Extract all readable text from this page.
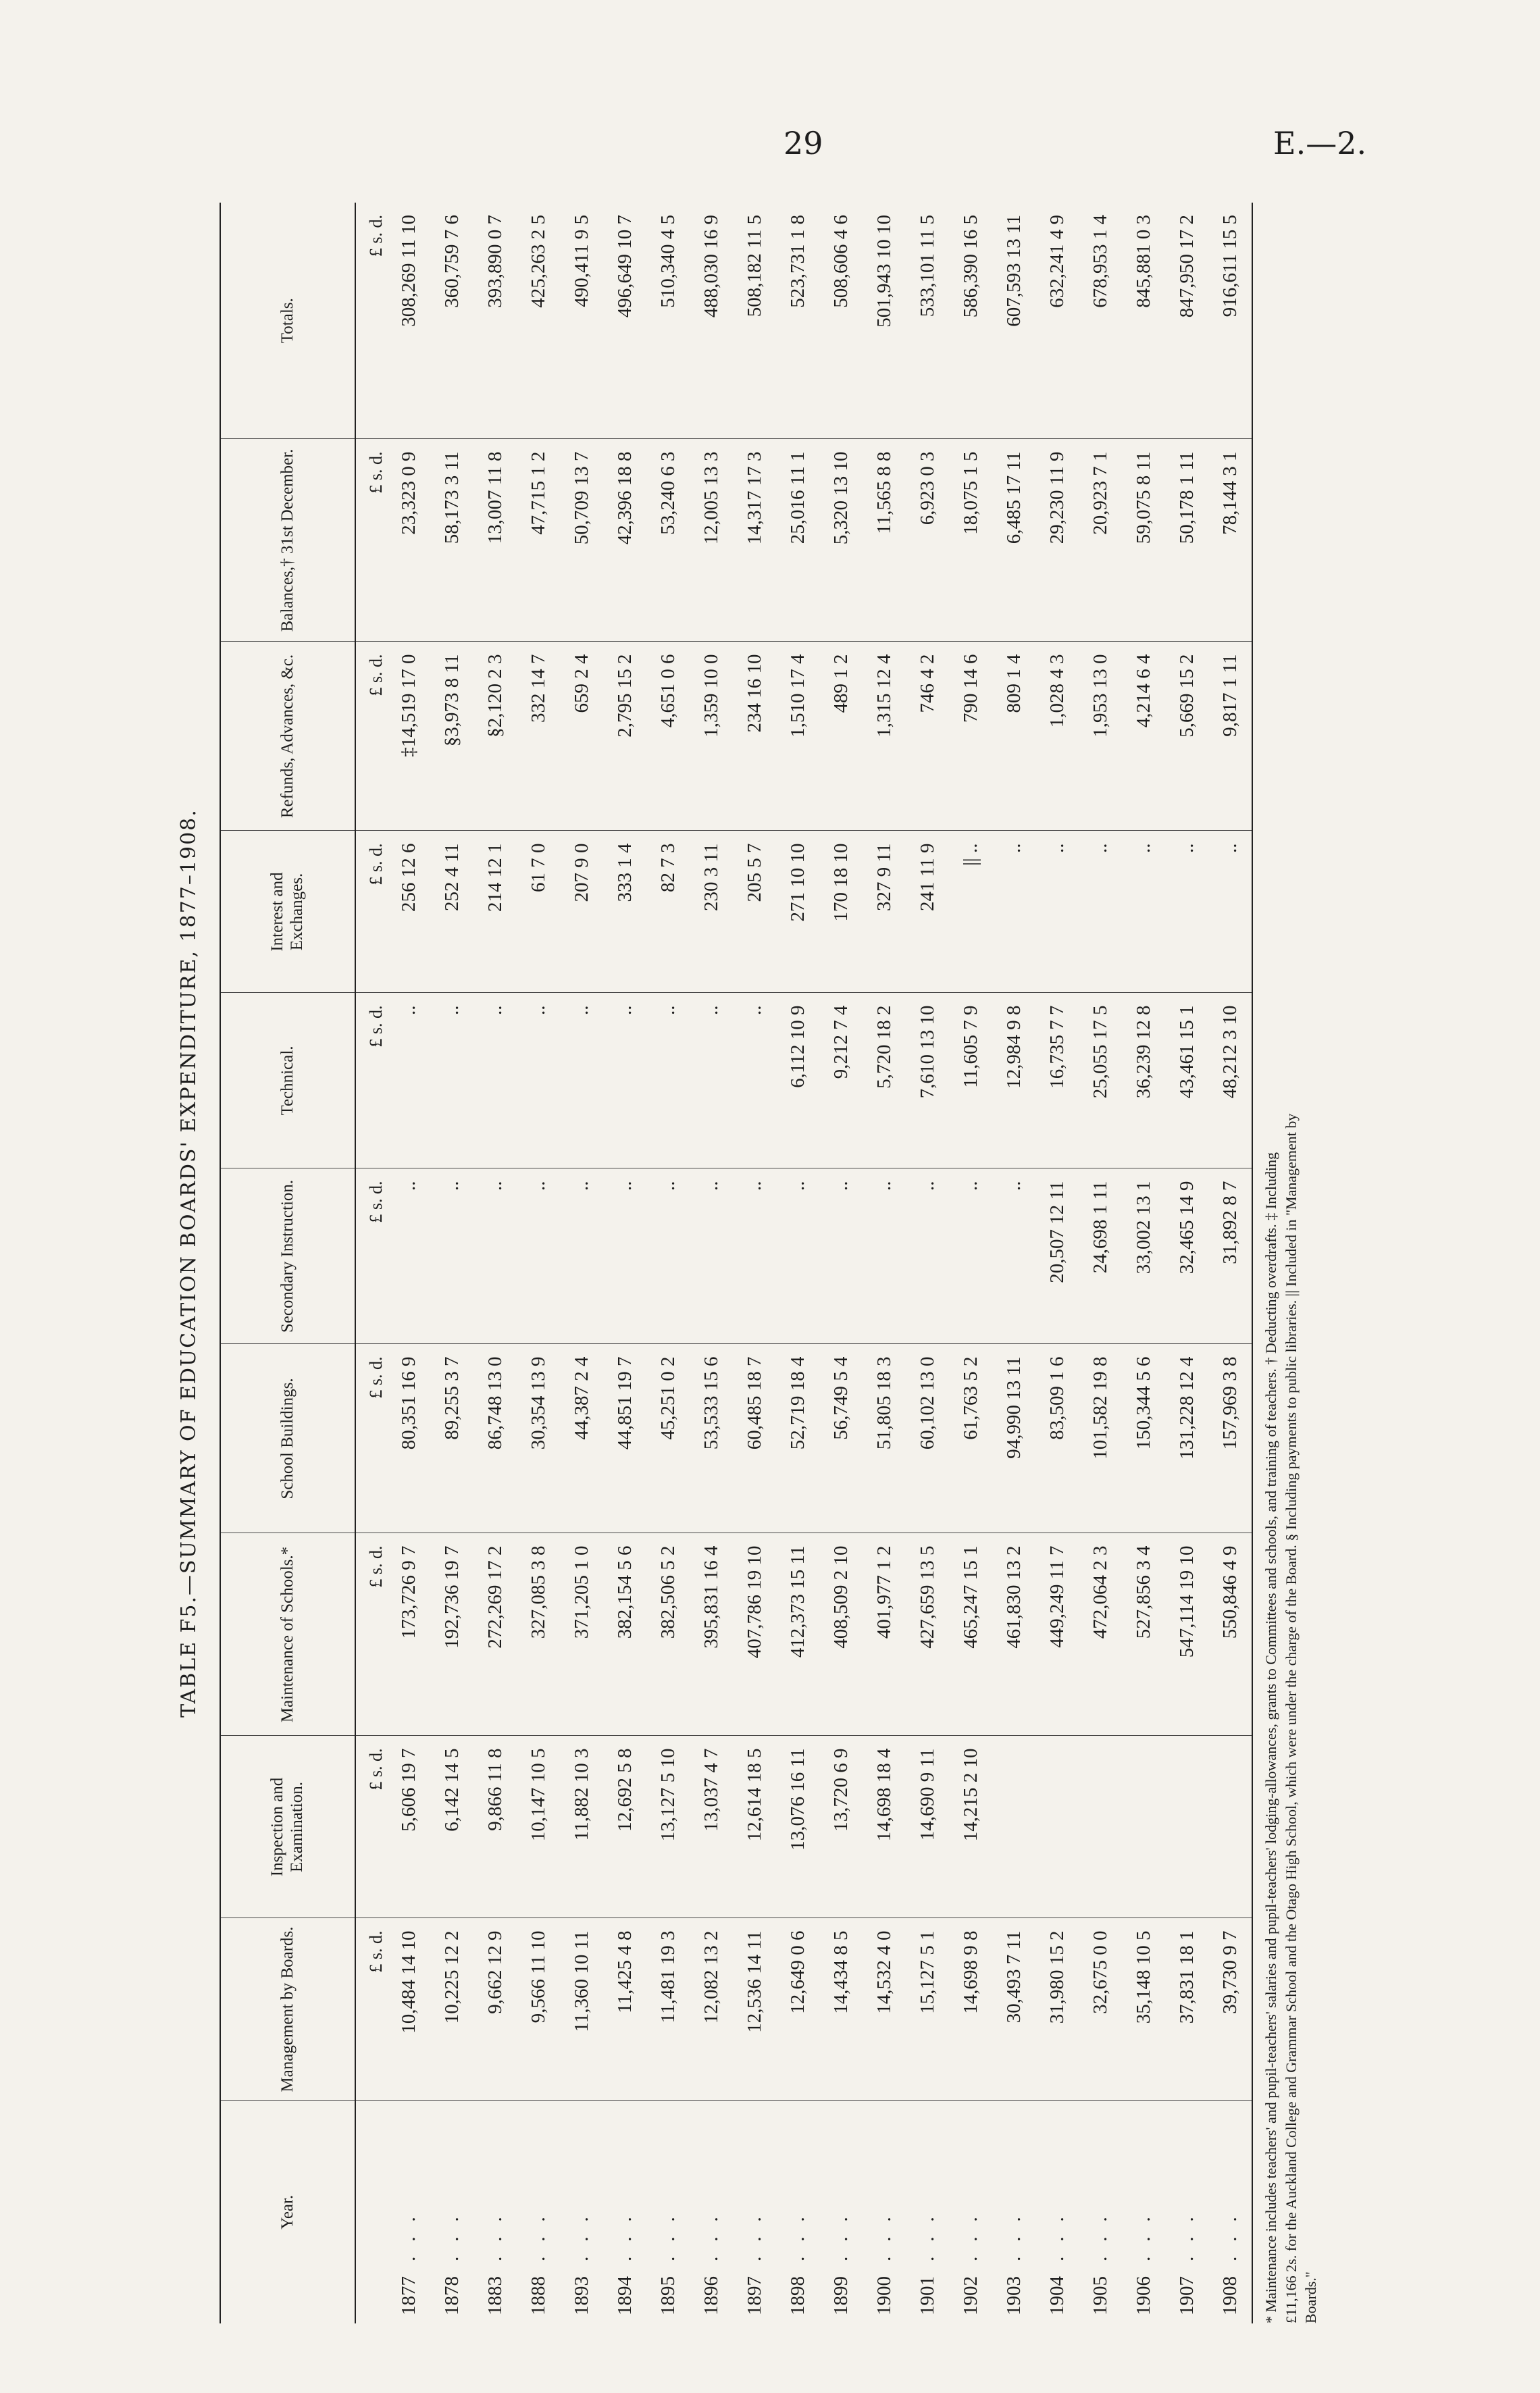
29	E.—2.
TABLE F5.—SUMMARY OF EDUCATION BOARDS' EXPENDITURE, 1877–1908.
Year.	Management by Boards.	Inspection and Examination.	Maintenance of Schools.*	School Buildings.	Secondary Instruction.	Technical.	Interest and Exchanges.	Refunds, Advances, &c.	Balances,† 31st December.	Totals.
	£ s. d.	£ s. d.	£ s. d.	£ s. d.	£ s. d.	£ s. d.	£ s. d.	£ s. d.	£ s. d.	£ s. d.
1877...	10,484 14 10	5,606 19 7	173,726 9 7	80,351 16 9	..	..	256 12 6	‡14,519 17 0	23,323 0 9	308,269 11 10
1878...	10,225 12 2	6,142 14 5	192,736 19 7	89,255 3 7	..	..	252 4 11	§3,973 8 11	58,173 3 11	360,759 7 6
1883...	9,662 12 9	9,866 11 8	272,269 17 2	86,748 13 0	..	..	214 12 1	§2,120 2 3	13,007 11 8	393,890 0 7
1888...	9,566 11 10	10,147 10 5	327,085 3 8	30,354 13 9	..	..	61 7 0	332 14 7	47,715 1 2	425,263 2 5
1893...	11,360 10 11	11,882 10 3	371,205 1 0	44,387 2 4	..	..	207 9 0	659 2 4	50,709 13 7	490,411 9 5
1894...	11,425 4 8	12,692 5 8	382,154 5 6	44,851 19 7	..	..	333 1 4	2,795 15 2	42,396 18 8	496,649 10 7
1895...	11,481 19 3	13,127 5 10	382,506 5 2	45,251 0 2	..	..	82 7 3	4,651 0 6	53,240 6 3	510,340 4 5
1896...	12,082 13 2	13,037 4 7	395,831 16 4	53,533 15 6	..	..	230 3 11	1,359 10 0	12,005 13 3	488,030 16 9
1897...	12,536 14 11	12,614 18 5	407,786 19 10	60,485 18 7	..	..	205 5 7	234 16 10	14,317 17 3	508,182 11 5
1898...	12,649 0 6	13,076 16 11	412,373 15 11	52,719 18 4	..	6,112 10 9	271 10 10	1,510 17 4	25,016 11 1	523,731 1 8
1899...	14,434 8 5	13,720 6 9	408,509 2 10	56,749 5 4	..	9,212 7 4	170 18 10	489 1 2	5,320 13 10	508,606 4 6
1900...	14,532 4 0	14,698 18 4	401,977 1 2	51,805 18 3	..	5,720 18 2	327 9 11	1,315 12 4	11,565 8 8	501,943 10 10
1901...	15,127 5 1	14,690 9 11	427,659 13 5	60,102 13 0	..	7,610 13 10	241 11 9	746 4 2	6,923 0 3	533,101 11 5
1902...	14,698 9 8	14,215 2 10	465,247 15 1	61,763 5 2	..	11,605 7 9	|| ..	790 14 6	18,075 1 5	586,390 16 5
1903...	30,493 7 11		461,830 13 2	94,990 13 11	..	12,984 9 8	..	809 1 4	6,485 17 11	607,593 13 11
1904...	31,980 15 2		449,249 11 7	83,509 1 6	20,507 12 11	16,735 7 7	..	1,028 4 3	29,230 11 9	632,241 4 9
1905...	32,675 0 0		472,064 2 3	101,582 19 8	24,698 1 11	25,055 17 5	..	1,953 13 0	20,923 7 1	678,953 1 4
1906...	35,148 10 5		527,856 3 4	150,344 5 6	33,002 13 1	36,239 12 8	..	4,214 6 4	59,075 8 11	845,881 0 3
1907...	37,831 18 1		547,114 19 10	131,228 12 4	32,465 14 9	43,461 15 1	..	5,669 15 2	50,178 1 11	847,950 17 2
1908...	39,730 9 7		550,846 4 9	157,969 3 8	31,892 8 7	48,212 3 10	..	9,817 1 11	78,144 3 1	916,611 15 5
* Maintenance includes teachers' and pupil-teachers' salaries and pupil-teachers' lodging-allowances, grants to Committees and schools, and training of teachers. † Deducting overdrafts. ‡ Including £11,166 2s. for the Auckland College and Grammar School and the Otago High School, which were under the charge of the Board. § Including payments to public libraries. || Included in "Management by Boards."
